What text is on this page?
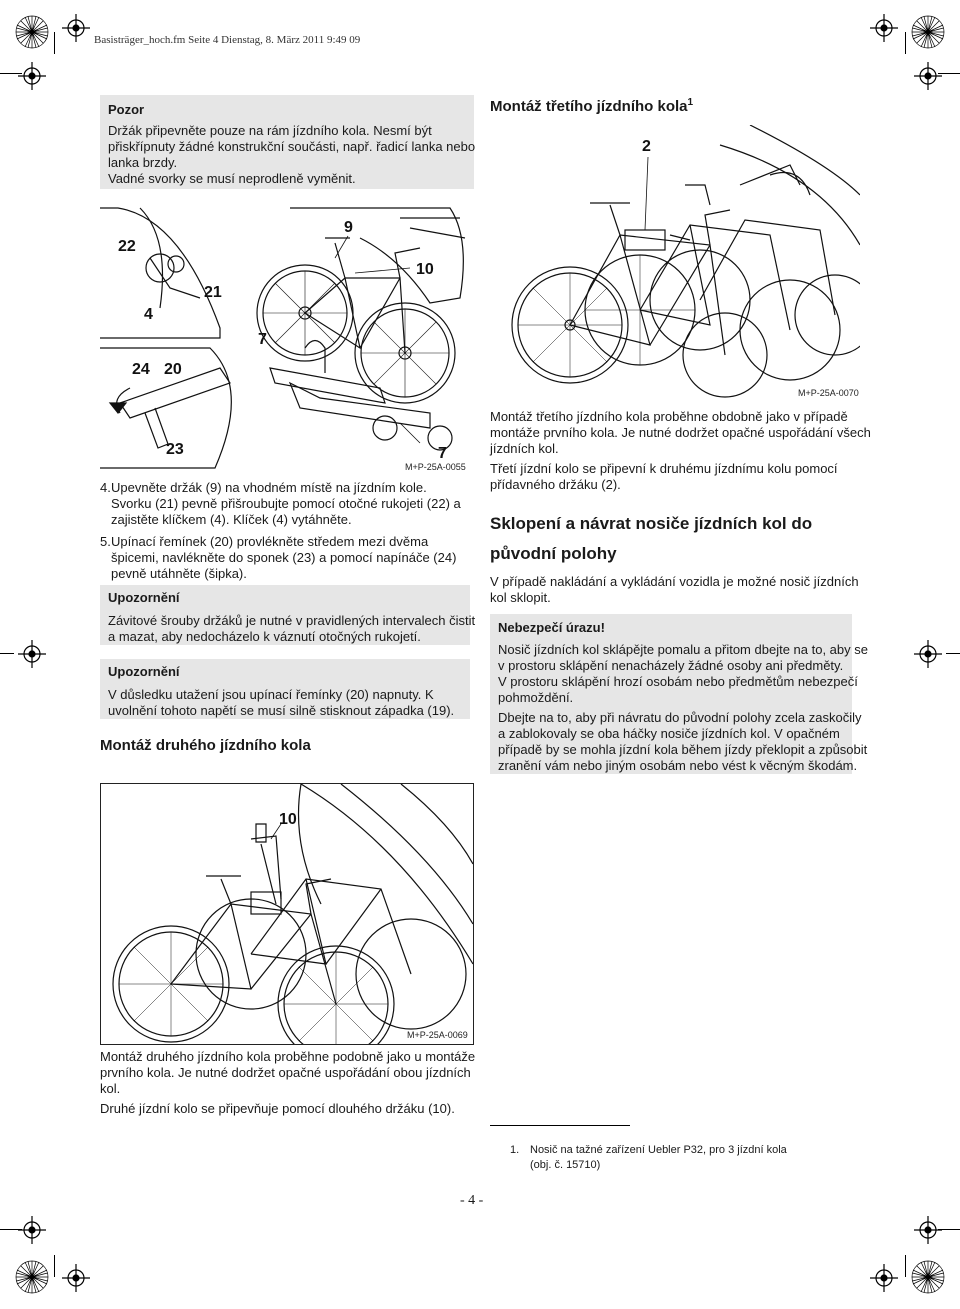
Basisträger_hoch.fm Seite 4 Dienstag, 8. März 2011 9:49 09
Pozor
Držák připevněte pouze na rám jízdního kola. Nesmí být
přiskřípnuty žádné konstrukční součásti, např. řadicí lanka nebo
lanka brzdy.
Vadné svorky se musí neprodleně vyměnit.
22
9
10
21
4
7
24 20
23	7
M+P-25A-0055
4. Upevněte držák (9) na vhodném místě na jízdním kole.
Svorku (21) pevně přišroubujte pomocí otočné rukojeti (22) a
zajistěte klíčkem (4). Klíček (4) vytáhněte.
5. Upínací řemínek (20) provlékněte středem mezi dvěma
špicemi, navlékněte do sponek (23) a pomocí napínáče (24)
pevně utáhněte (šipka).
Upozornění
Závitové šrouby držáků je nutné v pravidlených intervalech čistit
a mazat, aby nedocházelo k váznutí otočných rukojetí.
Upozornění
V důsledku utažení jsou upínací řemínky (20) napnuty. K
uvolnění tohoto napětí se musí silně stisknout západka (19).
Montáž druhého jízdního kola
10
M+P-25A-0069
Montáž druhého jízdního kola proběhne podobně jako u montáže
prvního kola. Je nutné dodržet opačné uspořádání obou jízdních
kol.
Druhé jízdní kolo se připevňuje pomocí dlouhého držáku (10).
Montáž třetího jízdního kola$^1$
2
M+P-25A-0070
Montáž třetího jízdního kola proběhne obdobně jako v případě
montáže prvního kola. Je nutné dodržet opačné uspořádání všech
jízdních kol.
Třetí jízdní kolo se připevní k druhému jízdnímu kolu pomocí
přídavného držáku (2).
Sklopení a návrat nosiče jízdních kol do
původní polohy
V případě nakládání a vykládání vozidla je možné nosič jízdních
kol sklopit.
Nebezpečí úrazu!
Nosič jízdních kol sklápějte pomalu a přitom dbejte na to, aby se
v prostoru sklápění nenacházely žádné osoby ani předměty.
V prostoru sklápění hrozí osobám nebo předmětům nebezpečí
pohmoždění.
Dbejte na to, aby při návratu do původní polohy zcela zaskočily
a zablokovaly se oba háčky nosiče jízdních kol. V opačném
případě by se mohla jízdní kola během jízdy překlopit a způsobit
zranění vám nebo jiným osobám nebo vést k věcným škodám.
1. Nosič na tažné zařízení Uebler P32, pro 3 jízdní kola
(obj. č. 15710)
- 4 -
